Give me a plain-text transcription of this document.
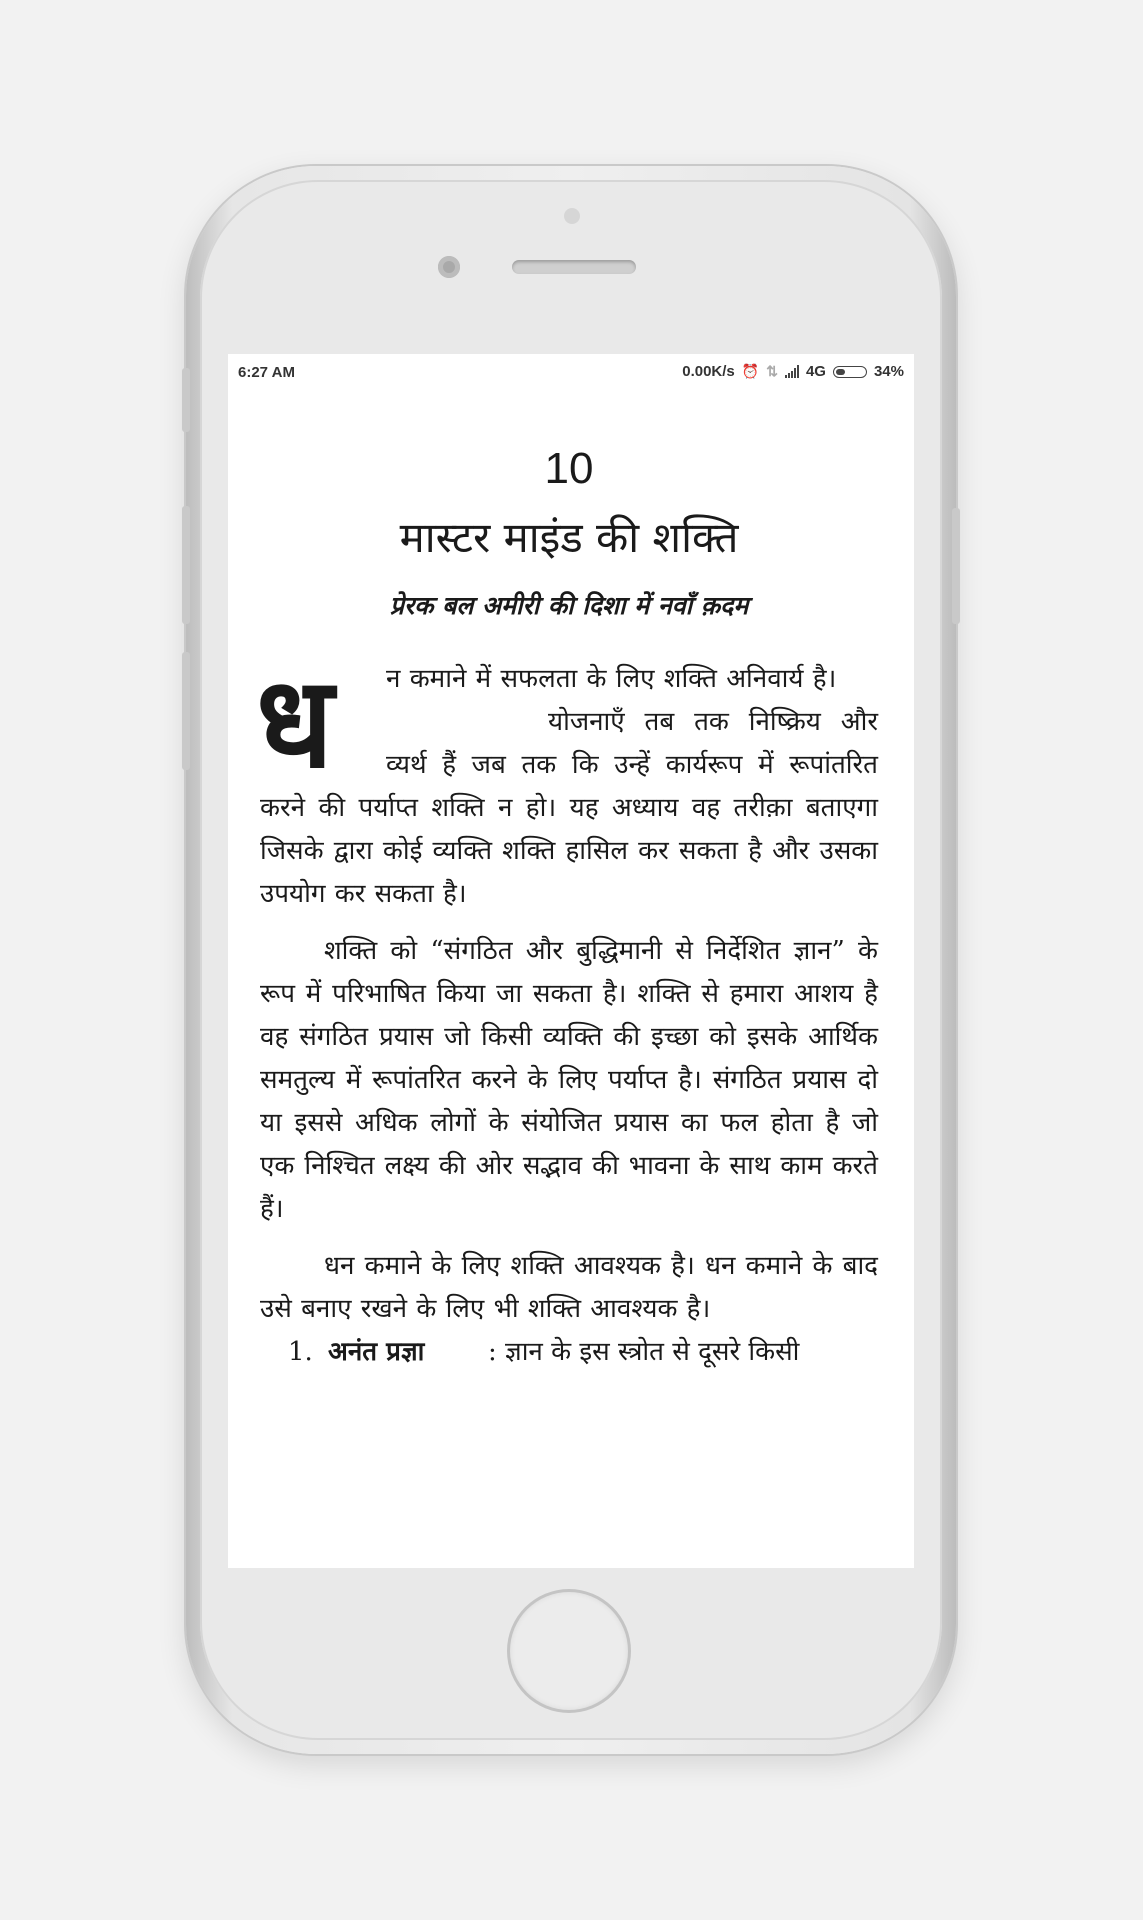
6:27 AM	0.00K/s ⏰ ⇅ 4G	34%
10
मास्टर माइंड की शक्ति
प्रेरक बल अमीरी की दिशा में नवाँ क़दम

ध	न कमाने में सफलता के लिए शक्ति अनिवार्य है।

योजनाएँ तब तक निष्क्रिय और व्यर्थ हैं जब तक कि उन्हें कार्यरूप में रूपांतरित करने की पर्याप्त शक्ति न हो। यह अध्याय वह तरीक़ा बताएगा जिसके द्वारा कोई व्यक्ति शक्ति हासिल कर सकता है और उसका उपयोग कर सकता है।

शक्ति को “संगठित और बुद्धिमानी से निर्देशित ज्ञान” के रूप में परिभाषित किया जा सकता है। शक्ति से हमारा आशय है वह संगठित प्रयास जो किसी व्यक्ति की इच्छा को इसके आर्थिक समतुल्य में रूपांतरित करने के लिए पर्याप्त है। संगठित प्रयास दो या इससे अधिक लोगों के संयोजित प्रयास का फल होता है जो एक निश्चित लक्ष्य की ओर सद्भाव की भावना के साथ काम करते हैं।

धन कमाने के लिए शक्ति आवश्यक है। धन कमाने के बाद उसे बनाए रखने के लिए भी शक्ति आवश्यक है।

1. अनंत प्रज्ञा	: ज्ञान के इस स्त्रोत से दूसरे किसी
